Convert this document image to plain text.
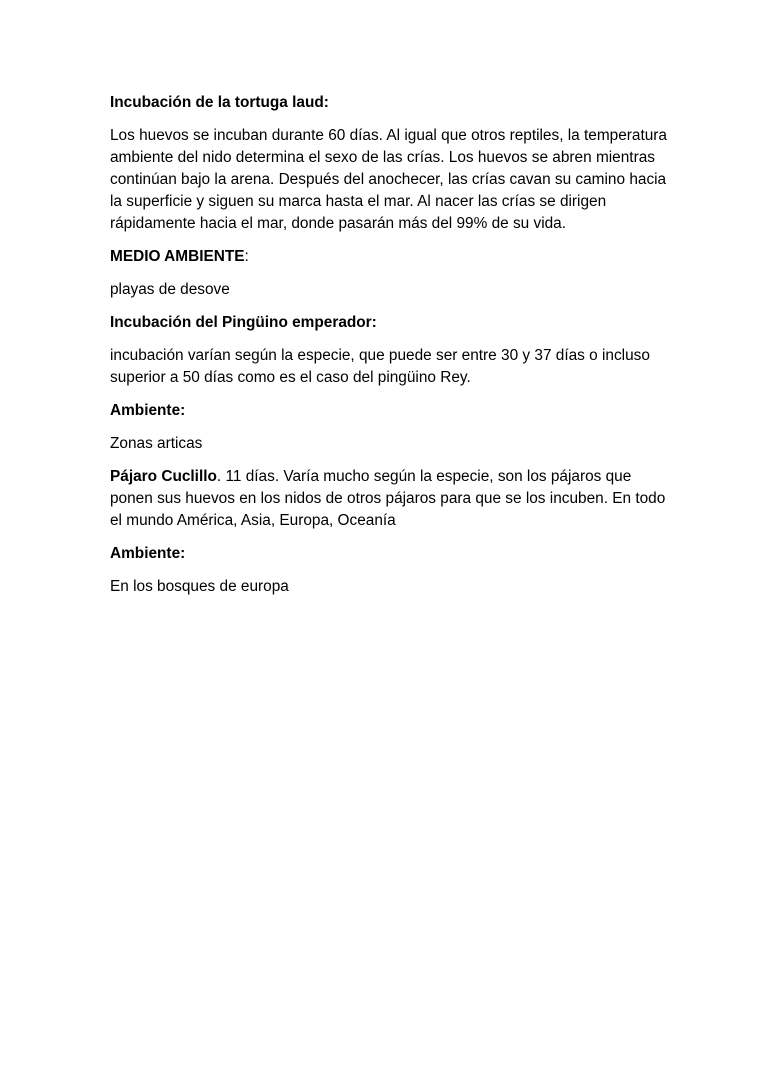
Incubación de la tortuga laud:

Los huevos se incuban durante 60 días. Al igual que otros reptiles, la temperatura ambiente del nido determina el sexo de las crías. Los huevos se abren mientras continúan bajo la arena. Después del anochecer, las crías cavan su camino hacia la superficie y siguen su marca hasta el mar. Al nacer las crías se dirigen rápidamente hacia el mar, donde pasarán más del 99% de su vida.

MEDIO AMBIENTE:

playas de desove

Incubación del Pingüino emperador:

incubación varían según la especie, que puede ser entre 30 y 37 días o incluso superior a 50 días como es el caso del pingüino Rey.

Ambiente:

Zonas articas

Pájaro Cuclillo. 11 días. Varía mucho según la especie, son los pájaros que ponen sus huevos en los nidos de otros pájaros para que se los incuben. En todo el mundo América, Asia, Europa, Oceanía

Ambiente:

En los bosques de europa
